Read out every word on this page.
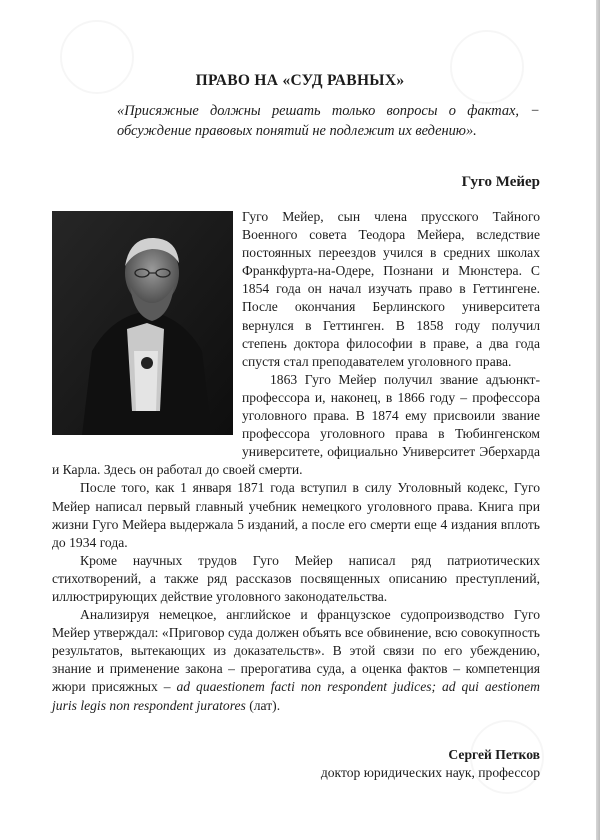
ПРАВО НА «СУД РАВНЫХ»
«Присяжные должны решать только вопросы о фактах, − обсуждение правовых понятий не подлежит их ведению».
Гуго Мейер

Гуго Мейер, сын члена прусского Тайного Военного совета Теодора Мейера, вследствие постоянных переездов учился в средних школах Франкфурта-на-Одере, Познани и Мюнстера. С 1854 года он начал изучать право в Геттингене. После окончания Берлинского университета вернулся в Геттинген. В 1858 году получил степень доктора философии в праве, а два года спустя стал преподавателем уголовного права.

1863 Гуго Мейер получил звание адъюнкт-профессора и, наконец, в 1866 году – профессора уголовного права. В 1874 ему присвоили звание профессора уголовного права в Тюбингенском университете, официально Университет Эберхарда и Карла. Здесь он работал до своей смерти.

После того, как 1 января 1871 года вступил в силу Уголовный кодекс, Гуго Мейер написал первый главный учебник немецкого уголовного права. Книга при жизни Гуго Мейера выдержала 5 изданий, а после его смерти еще 4 издания вплоть до 1934 года.

Кроме научных трудов Гуго Мейер написал ряд патриотических стихотворений, а также ряд рассказов посвященных описанию преступлений, иллюстрирующих действие уголовного законодательства.

Анализируя немецкое, английское и французское судопроизводство Гуго Мейер утверждал: «Приговор суда должен объять все обвинение, всю совокупность результатов, вытекающих из доказательств». В этой связи по его убеждению, знание и применение закона – прерогатива суда, а оценка фактов – компетенция жюри присяжных – ad quaestionem facti non respondent judices; ad qui aestionem juris legis non respondent juratores (лат).

Сергей Петков
доктор юридических наук, профессор
